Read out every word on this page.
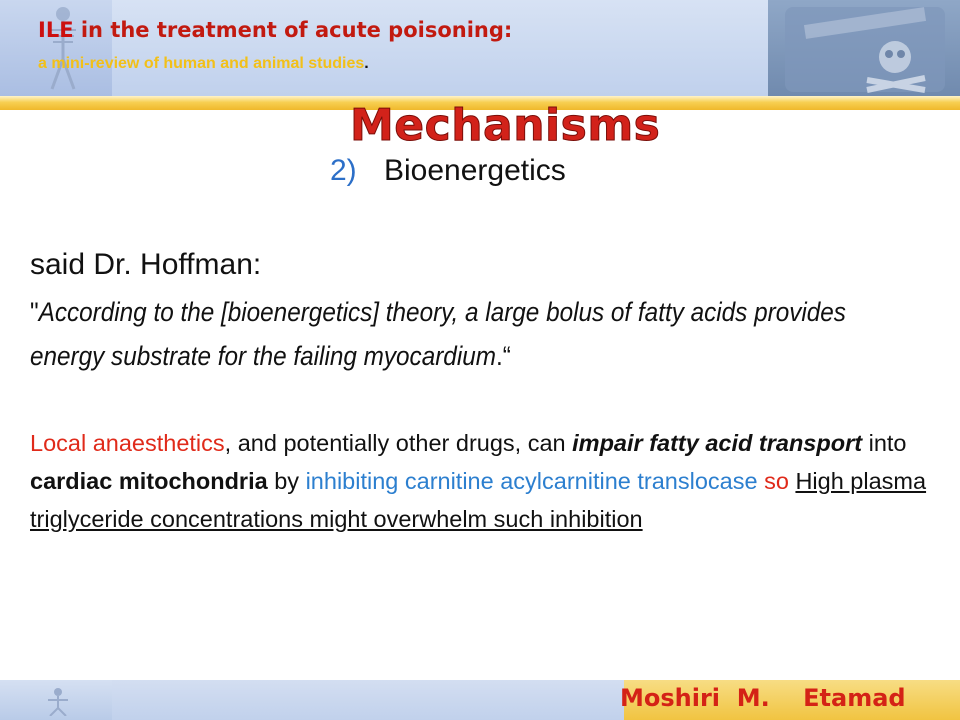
ILE in the treatment of acute poisoning:
a mini-review of human and animal studies.
Mechanisms
2) Bioenergetics
said Dr. Hoffman:
"According to the [bioenergetics] theory, a large bolus of fatty acids provides energy substrate for the failing myocardium.“
Local anaesthetics, and potentially other drugs, can impair fatty acid transport into cardiac mitochondria by inhibiting carnitine acylcarnitine translocase so High plasma triglyceride concentrations might overwhelm such inhibition
Moshiri  M.    Etamad
